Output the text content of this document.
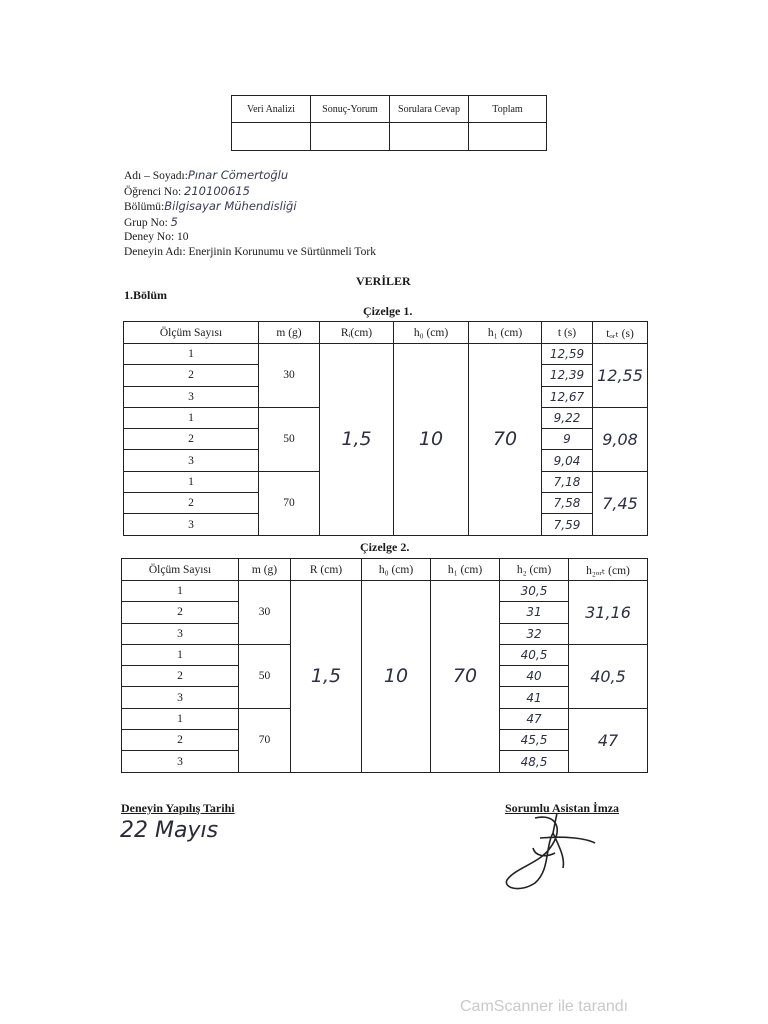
Veri Analizi	Sonuç-Yorum	Sorulara Cevap	Toplam

Adı – Soyadı:Pınar Cömertoğlu
Öğrenci No: 210100615
Bölümü:Bilgisayar Mühendisliği
Grup No: 5
Deney No: 10
Deneyin Adı: Enerjinin Korunumu ve Sürtünmeli Tork
VERİLER
1.Bölüm
Çizelge 1.
Ölçüm Sayısı	m (g)	Rᵢ(cm)	h₀ (cm)	h₁ (cm)	t (s)	tₒᵣₜ (s)
1	30	1,5	10	70	12,59	12,55
2					12,39	
3					12,67	
1	50				9,22	9,08
2					9	
3					9,04	
1	70				7,18	7,45
2					7,58	
3					7,59	
Çizelge 2.
Ölçüm Sayısı	m (g)	R (cm)	h₀ (cm)	h₁ (cm)	h₂ (cm)	h₂ₒᵣₜ (cm)
1	30	1,5	10	70	30,5	31,16
2					31	
3					32	
1	50				40,5	40,5
2					40	
3					41	
1	70				47	47
2					45,5	
3					48,5	
Deneyin Yapılış Tarihi
22 Mayıs
Sorumlu Asistan İmza
CamScanner ile tarandı
